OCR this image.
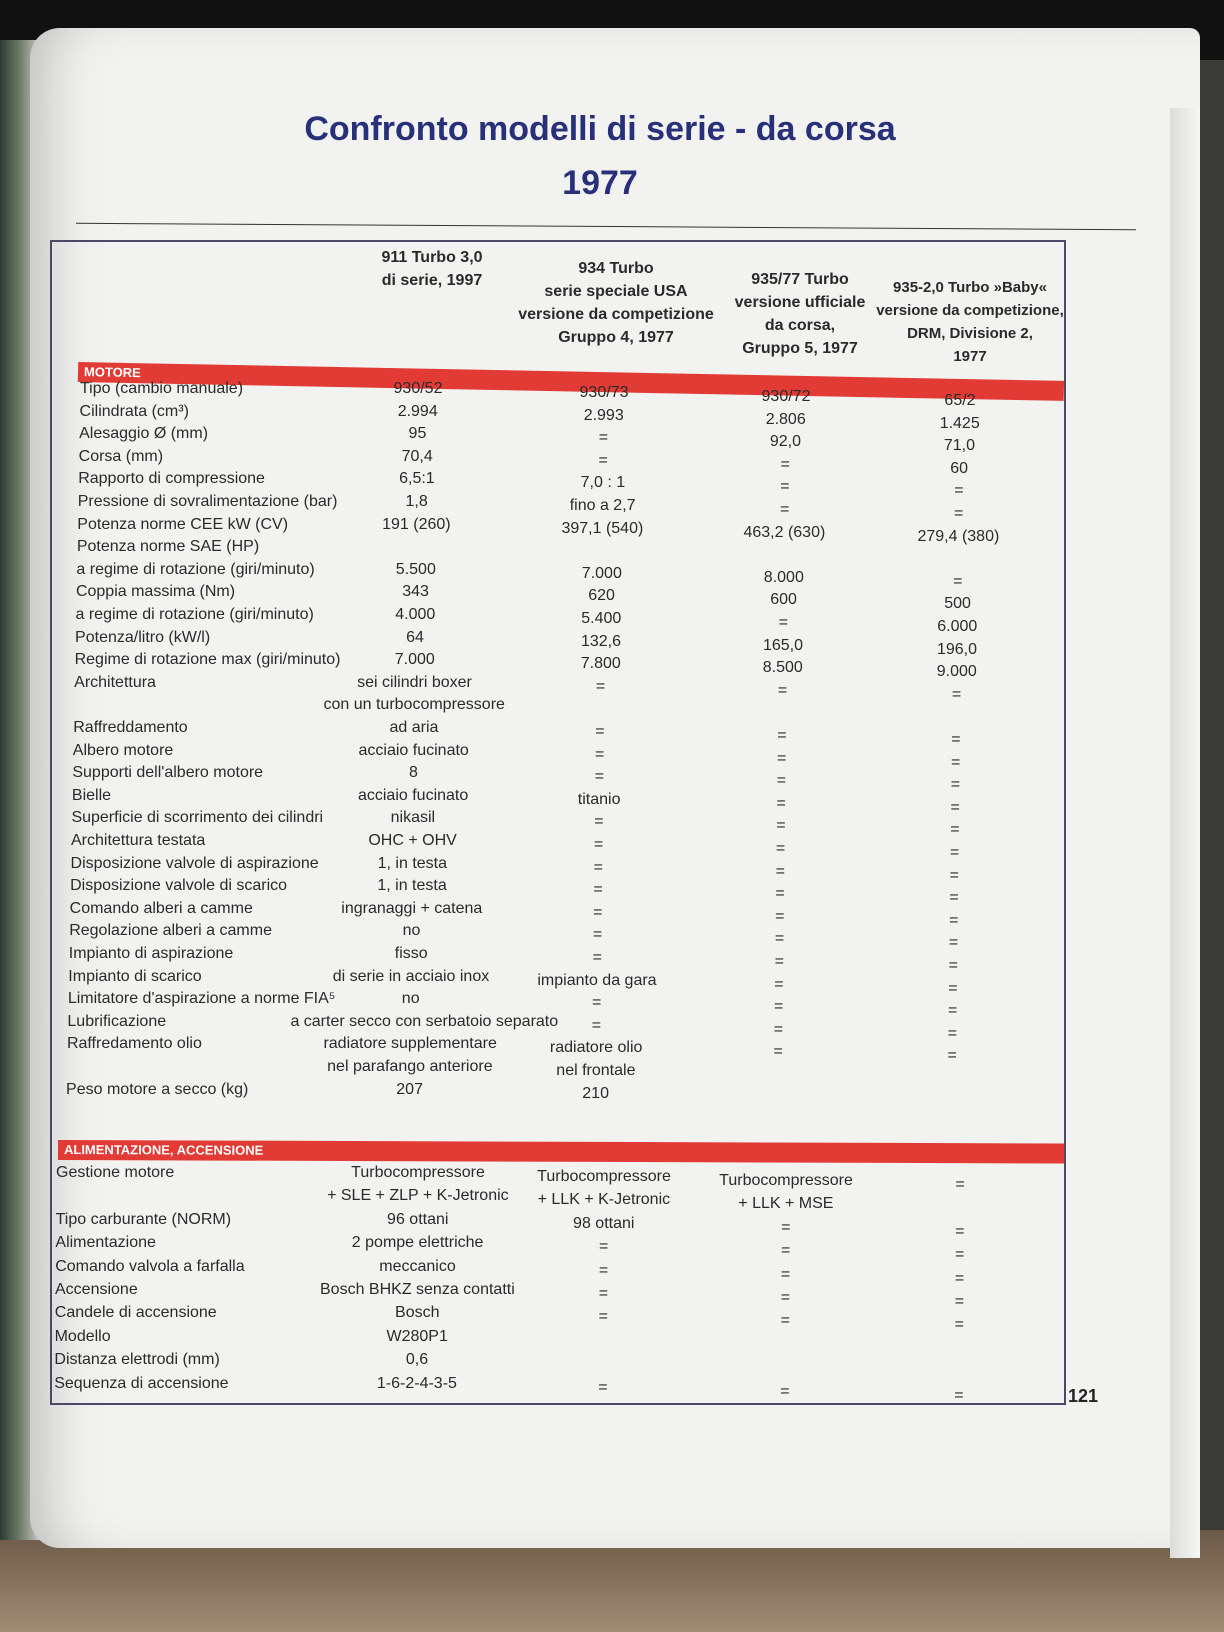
Confronto modelli di serie - da corsa
1977
911 Turbo 3,0
di serie, 1997
934 Turbo
serie speciale USA
versione da competizione
Gruppo 4, 1977
935/77 Turbo
versione ufficiale
da corsa,
Gruppo 5, 1977
935-2,0 Turbo »Baby«
versione da competizione,
DRM, Divisione 2,
1977
MOTORE
ALIMENTAZIONE, ACCENSIONE
Tipo (cambio manuale)	930/52	930/73	930/72	65/2
Cilindrata (cm³)	2.994	2.993	2.806	1.425
Alesaggio Ø (mm)	95	=	92,0	71,0
Corsa (mm)	70,4	=	=	60
Rapporto di compressione	6,5:1	7,0 : 1	=	=
Pressione di sovralimentazione (bar)	1,8	fino a 2,7	=	=
Potenza norme CEE kW (CV)	191 (260)	397,1 (540)	463,2 (630)	279,4 (380)
Potenza norme SAE (HP)
a regime di rotazione (giri/minuto)	5.500	7.000	8.000	=
Coppia massima (Nm)	343	620	600	500
a regime di rotazione (giri/minuto)	4.000	5.400	=	6.000
Potenza/litro (kW/l)	64	132,6	165,0	196,0
Regime di rotazione max (giri/minuto)	7.000	7.800	8.500	9.000
Architettura	sei cilindri boxer	=	=	=
con un turbocompressore
Raffreddamento	ad aria	=	=	=
Albero motore	acciaio fucinato	=	=	=
Supporti dell'albero motore	8	=	=	=
Bielle	acciaio fucinato	titanio	=	=
Superficie di scorrimento dei cilindri	nikasil	=	=	=
Architettura testata	OHC + OHV	=	=	=
Disposizione valvole di aspirazione	1, in testa	=	=	=
Disposizione valvole di scarico	1, in testa	=	=	=
Comando alberi a camme	ingranaggi + catena	=	=	=
Regolazione alberi a camme	no	=	=	=
Impianto di aspirazione	fisso	=	=	=
Impianto di scarico	di serie in acciaio inox	impianto da gara	=	=
Limitatore d'aspirazione a norme FIA⁵	no	=	=	=
Lubrificazione	a carter secco con serbatoio separato	=	=	=
Raffredamento olio	radiatore supplementare	radiatore olio	=	=
nel parafango anteriore	nel frontale
Peso motore a secco (kg)	207	210
Gestione motore	Turbocompressore	Turbocompressore	Turbocompressore	=
+ SLE + ZLP + K-Jetronic	+ LLK + K-Jetronic	+ LLK + MSE
Tipo carburante (NORM)	96 ottani	98 ottani	=	=
Alimentazione	2 pompe elettriche	=	=	=
Comando valvola a farfalla	meccanico	=	=	=
Accensione	Bosch BHKZ senza contatti	=	=	=
Candele di accensione	Bosch	=	=	=
Modello	W280P1
Distanza elettrodi (mm)	0,6
Sequenza di accensione	1-6-2-4-3-5	=	=	=	121
